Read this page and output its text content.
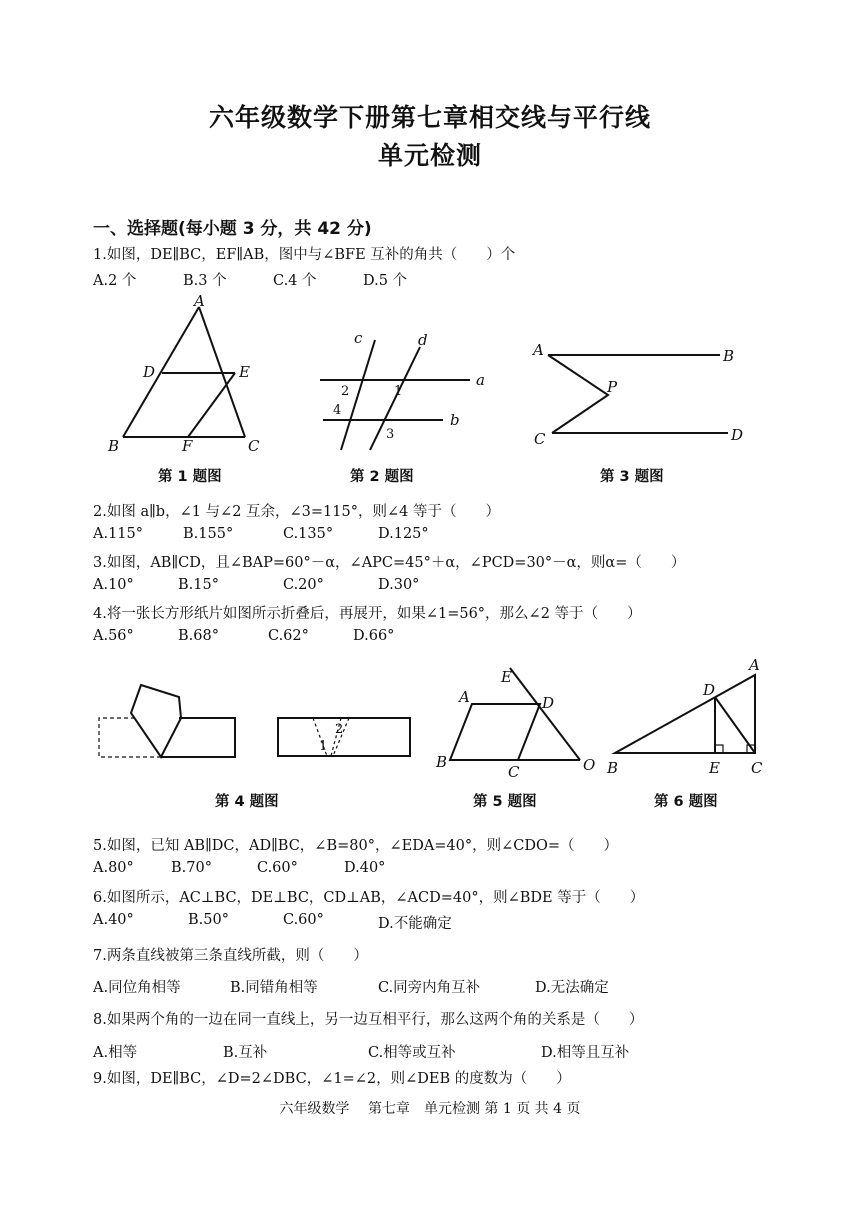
六年级数学下册第七章相交线与平行线
单元检测
一、选择题(每小题 3 分，共 42 分)
1.如图，DE∥BC，EF∥AB，图中与∠BFE 互补的角共（　　）个
A.2 个	B.3 个	C.4 个	D.5 个
A
D	E
B	F	C
c	d
a
b
2	1
4
3
A	B
P
C	D
第 1 题图	第 2 题图	第 3 题图
2.如图 a∥b，∠1 与∠2 互余，∠3=115°，则∠4 等于（　　）
A.115°	B.155°	C.135°	D.125°
3.如图，AB∥CD，且∠BAP=60°－α，∠APC=45°＋α，∠PCD=30°－α，则α=（　　）
A.10°	B.15°	C.20°	D.30°
4.将一张长方形纸片如图所示折叠后，再展开，如果∠1=56°，那么∠2 等于（　　）
A.56°	B.68°	C.62°	D.66°
1
2
A
E
D
B
C	O
A
D
B	E C
第 4 题图	第 5 题图	第 6 题图
5.如图，已知 AB∥DC，AD∥BC，∠B=80°，∠EDA=40°，则∠CDO=（　　）
A.80°	B.70°	C.60°	D.40°
6.如图所示，AC⊥BC，DE⊥BC，CD⊥AB，∠ACD=40°，则∠BDE 等于（　　）
A.40°	B.50°	C.60°	D.不能确定
7.两条直线被第三条直线所截，则（　　）
A.同位角相等	B.同错角相等	C.同旁内角互补	D.无法确定
8.如果两个角的一边在同一直线上，另一边互相平行，那么这两个角的关系是（　　）
A.相等	B.互补	C.相等或互补	D.相等且互补
9.如图，DE∥BC，∠D=2∠DBC，∠1=∠2，则∠DEB 的度数为（　　）
六年级数学　 第七章　单元检测 第 1 页 共 4 页
